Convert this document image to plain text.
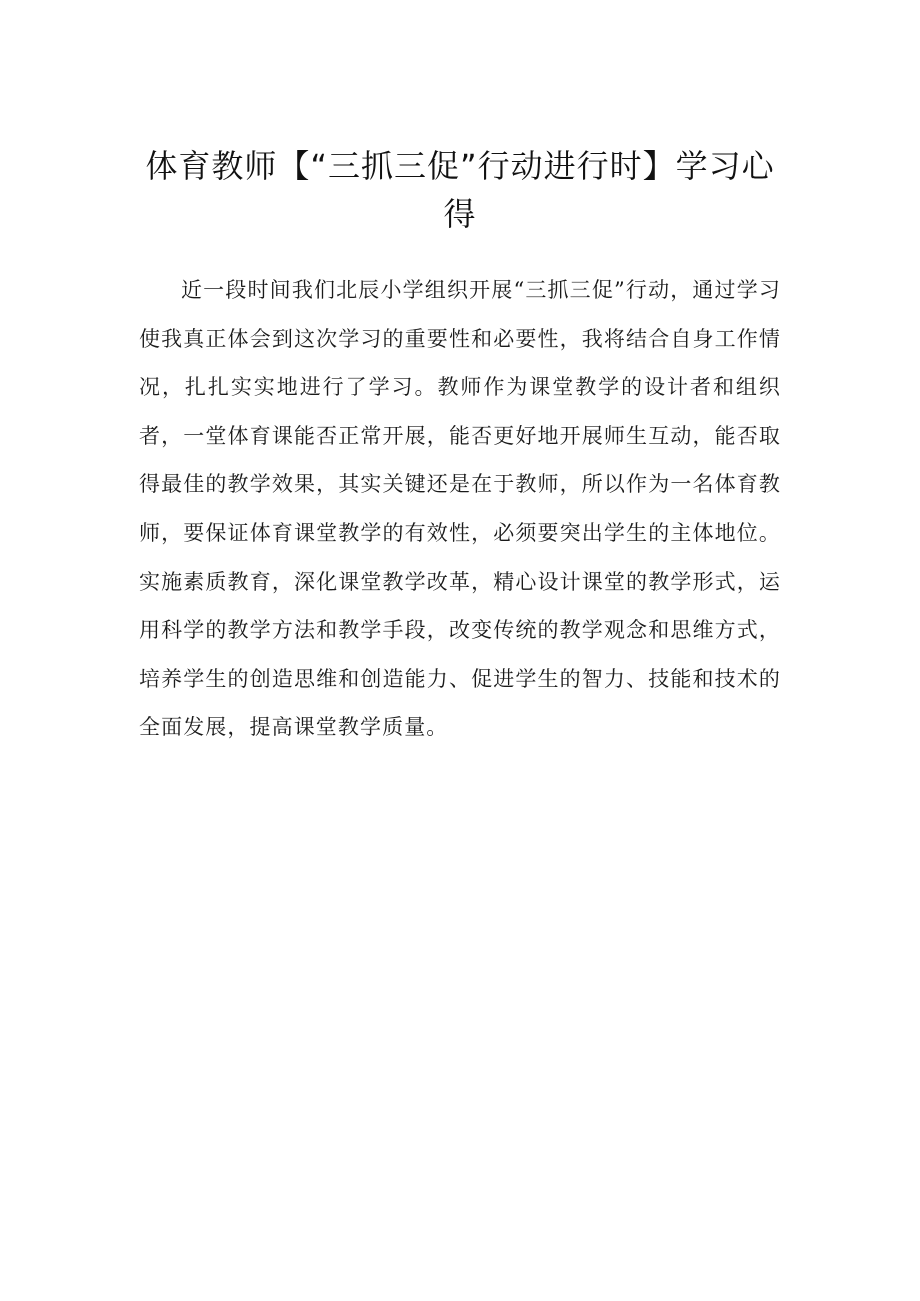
体育教师【“三抓三促”行动进行时】学习心得

近一段时间我们北辰小学组织开展“三抓三促”行动，通过学习使我真正体会到这次学习的重要性和必要性，我将结合自身工作情况，扎扎实实地进行了学习。教师作为课堂教学的设计者和组织者，一堂体育课能否正常开展，能否更好地开展师生互动，能否取得最佳的教学效果，其实关键还是在于教师，所以作为一名体育教师，要保证体育课堂教学的有效性，必须要突出学生的主体地位。实施素质教育，深化课堂教学改革，精心设计课堂的教学形式，运用科学的教学方法和教学手段，改变传统的教学观念和思维方式，培养学生的创造思维和创造能力、促进学生的智力、技能和技术的全面发展，提高课堂教学质量。
